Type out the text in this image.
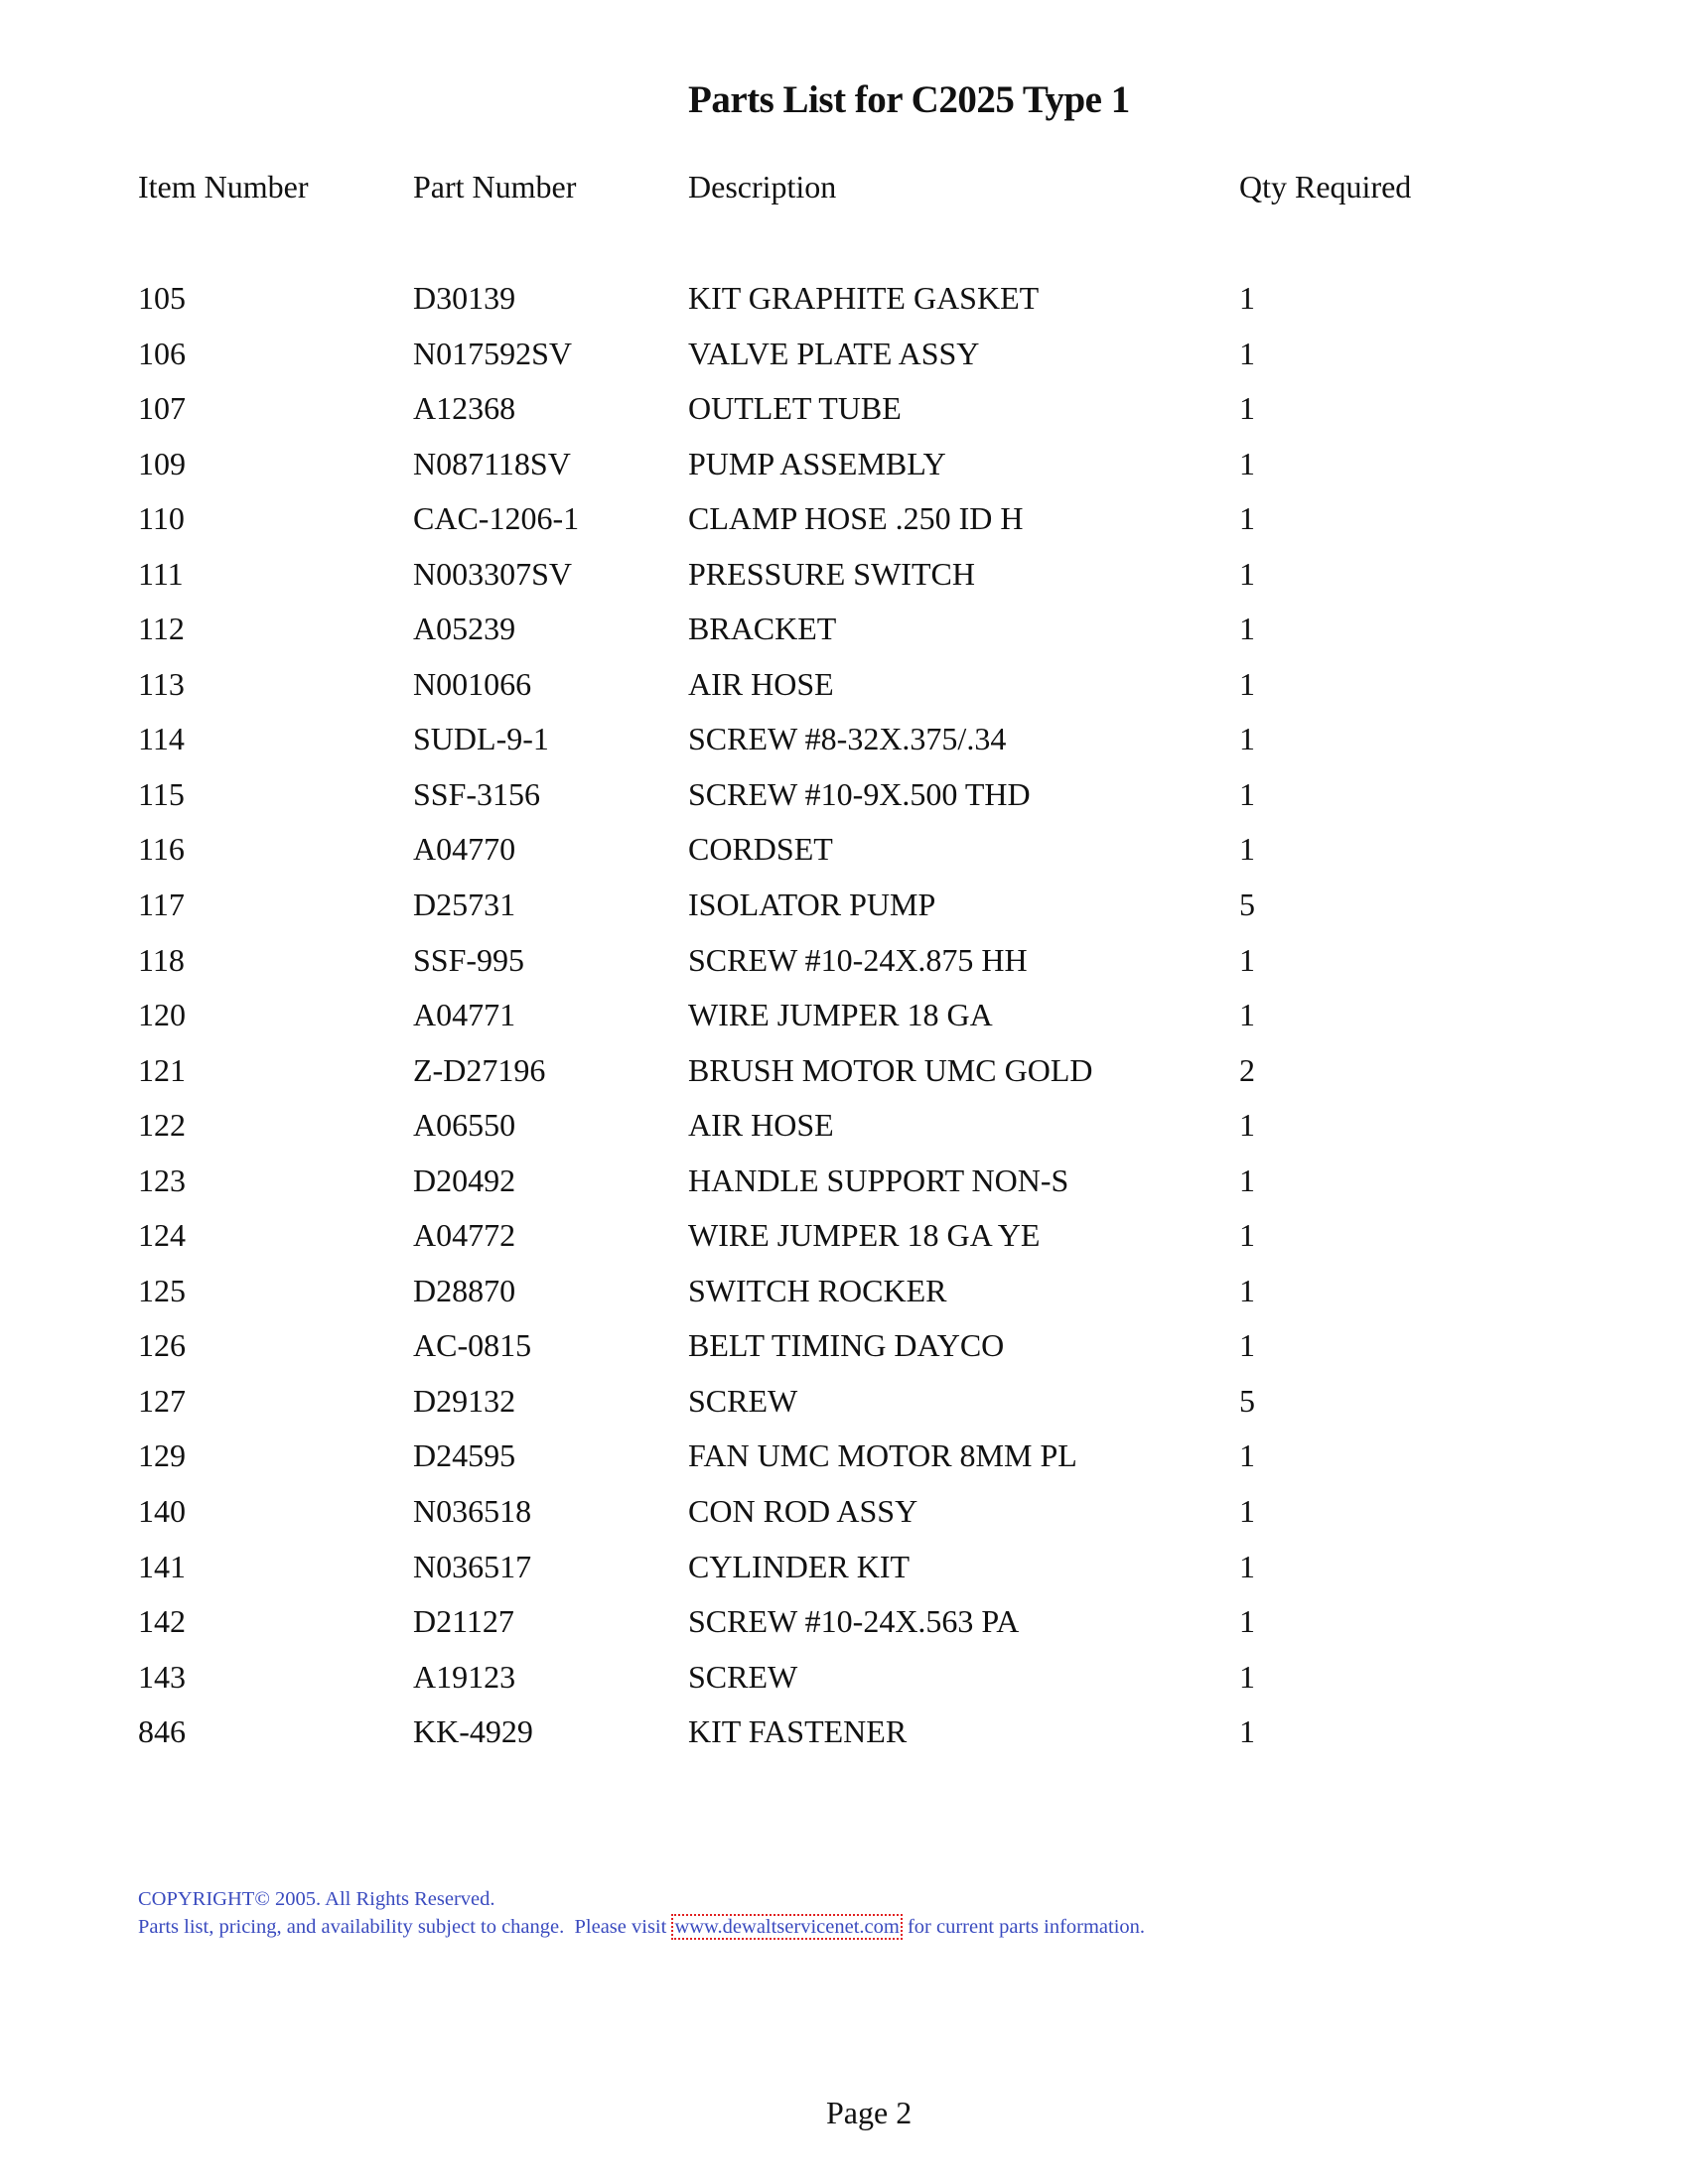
Parts List for C2025 Type 1
Item Number	Part Number	Description	Qty Required
105	D30139	KIT GRAPHITE GASKET	1
106	N017592SV	VALVE PLATE ASSY	1
107	A12368	OUTLET TUBE	1
109	N087118SV	PUMP ASSEMBLY	1
110	CAC-1206-1	CLAMP HOSE .250 ID H	1
111	N003307SV	PRESSURE SWITCH	1
112	A05239	BRACKET	1
113	N001066	AIR HOSE	1
114	SUDL-9-1	SCREW #8-32X.375/.34	1
115	SSF-3156	SCREW #10-9X.500 THD	1
116	A04770	CORDSET	1
117	D25731	ISOLATOR PUMP	5
118	SSF-995	SCREW #10-24X.875 HH	1
120	A04771	WIRE JUMPER 18 GA	1
121	Z-D27196	BRUSH MOTOR UMC GOLD	2
122	A06550	AIR HOSE	1
123	D20492	HANDLE SUPPORT NON-S	1
124	A04772	WIRE JUMPER 18 GA YE	1
125	D28870	SWITCH ROCKER	1
126	AC-0815	BELT TIMING DAYCO	1
127	D29132	SCREW	5
129	D24595	FAN UMC MOTOR 8MM PL	1
140	N036518	CON ROD ASSY	1
141	N036517	CYLINDER KIT	1
142	D21127	SCREW #10-24X.563 PA	1
143	A19123	SCREW	1
846	KK-4929	KIT FASTENER	1

COPYRIGHT© 2005. All Rights Reserved.

Parts list, pricing, and availability subject to change.  Please visit www.dewaltservicenet.com for current parts information.

Page 2
